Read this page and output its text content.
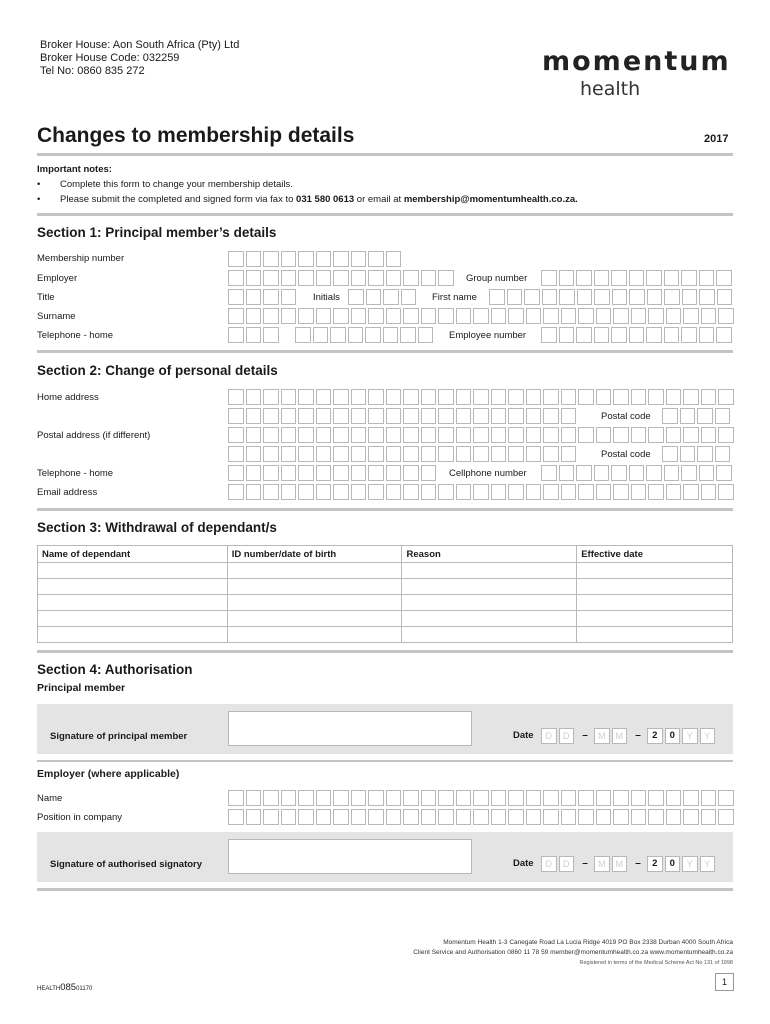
Broker House: Aon South Africa (Pty) Ltd
Broker House Code: 032259
Tel No: 0860 835 272	momentum
health
Changes to membership details	2017
Important notes:
• Complete this form to change your membership details.
• Please submit the completed and signed form via fax to 031 580 0613 or email at membership@momentumhealth.co.za.
Section 1: Principal member’s details
Membership number
Employer	Group number
Title	Initials	First name
Surname
Telephone - home	Employee number
Section 2: Change of personal details
Home address
Postal code
Postal address (if different)
Postal code
Telephone - home	Cellphone number
Email address
Section 3: Withdrawal of dependant/s
Name of dependant	ID number/date of birth	Reason	Effective date

Section 4: Authorisation
Principal member
Signature of principal member	Date	D	D	–	M	M	–	2	0	Y	Y
Employer (where applicable)
Name
Position in company
Signature of authorised signatory	Date	D	D	–	M	M	–	2	0	Y	Y
Momentum Health 1-3 Canegate Road La Lucia Ridge 4019 PO Box 2338 Durban 4000 South Africa
Client Service and Authorisation 0860 11 78 59 member@momentumhealth.co.za www.momentumhealth.co.za
Registered in terms of the Medical Scheme Act No 131 of 1998
1
HEALTH08501170
